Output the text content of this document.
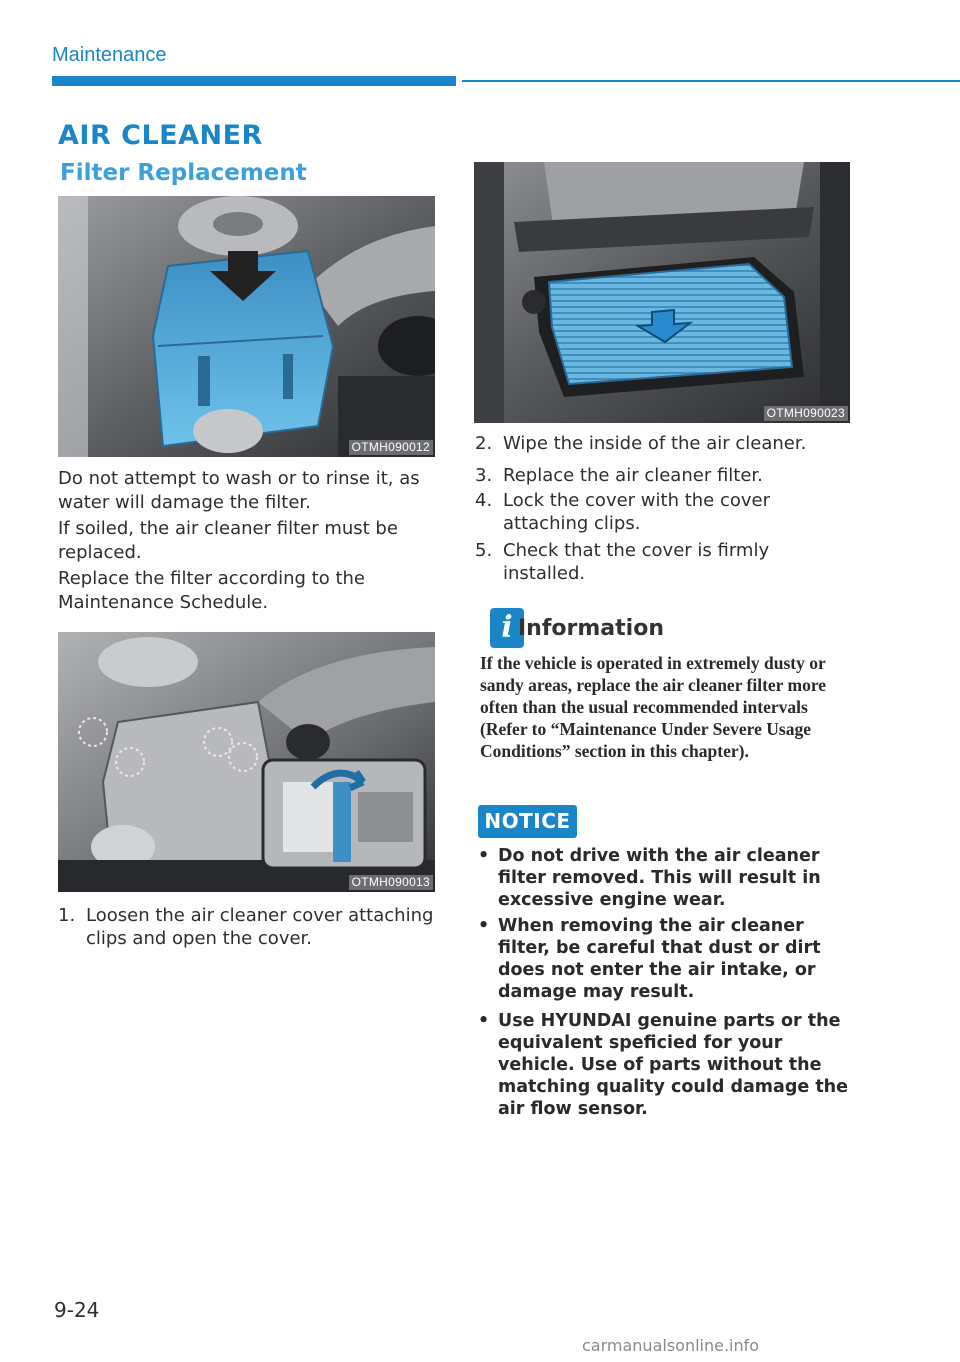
Maintenance
AIR CLEANER
Filter Replacement
OTMH090012
Do not attempt to wash or to rinse it, as water will damage the filter.
If soiled, the air cleaner filter must be replaced.
Replace the filter according to the Maintenance Schedule.
OTMH090013
1. Loosen the air cleaner cover attaching clips and open the cover.
OTMH090023
2. Wipe the inside of the air cleaner.
3. Replace the air cleaner filter.
4. Lock the cover with the cover attaching clips.
5. Check that the cover is firmly installed.
i Information
If the vehicle is operated in extremely dusty or sandy areas, replace the air cleaner filter more often than the usual recommended intervals (Refer to “Maintenance Under Severe Usage Conditions” section in this chapter).
NOTICE
• Do not drive with the air cleaner filter removed. This will result in excessive engine wear.
• When removing the air cleaner filter, be careful that dust or dirt does not enter the air intake, or damage may result.
• Use HYUNDAI genuine parts or the equivalent speficied for your vehicle. Use of parts without the matching quality could damage the air flow sensor.
9-24
carmanualsonline.info
